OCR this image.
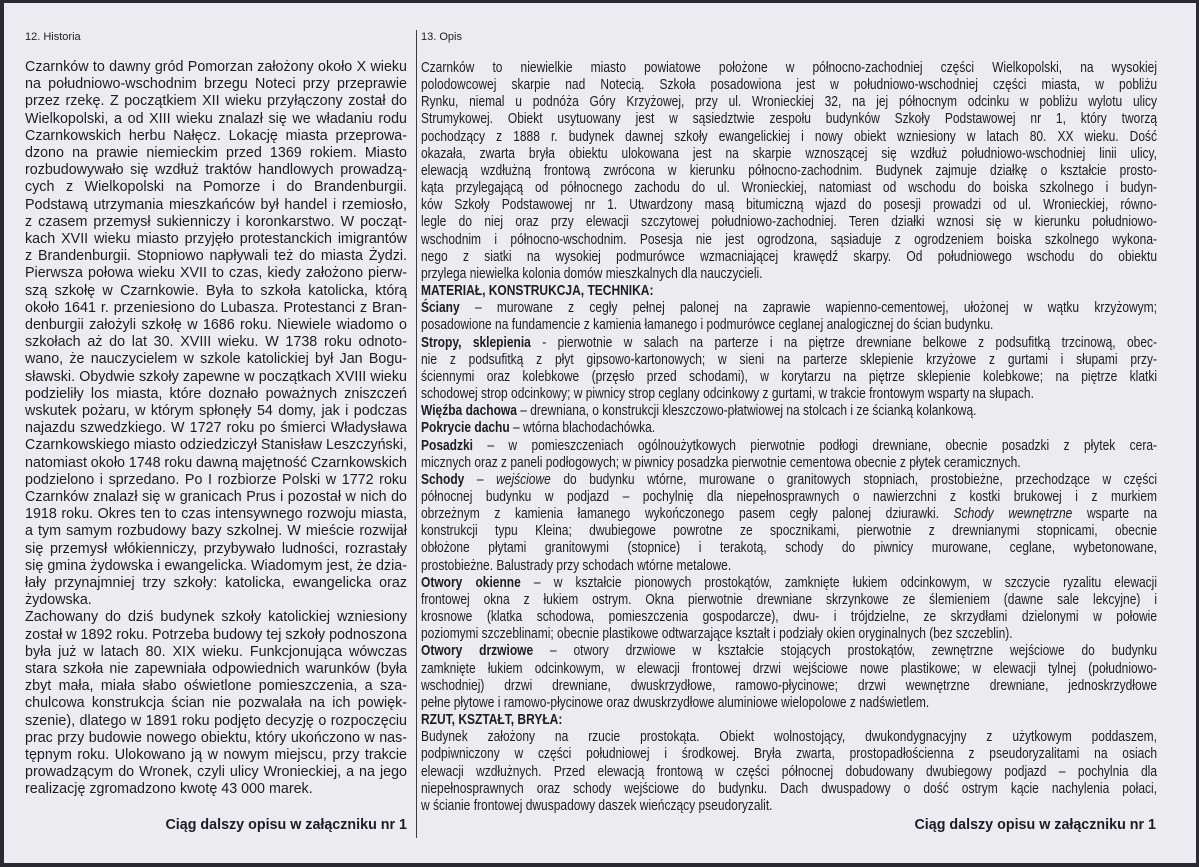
12. Historia	13. Opis
Czarnków to dawny gród Pomorzan założony około X wieku
na południowo-wschodnim brzegu Noteci przy przeprawie
przez rzekę. Z początkiem XII wieku przyłączony został do
Wielkopolski, a od XIII wieku znalazł się we władaniu rodu
Czarnkowskich herbu Nałęcz. Lokację miasta przeprowa-
dzono na prawie niemieckim przed 1369 rokiem. Miasto
rozbudowywało się wzdłuż traktów handlowych prowadzą-
cych z Wielkopolski na Pomorze i do Brandenburgii.
Podstawą utrzymania mieszkańców był handel i rzemiosło,
z czasem przemysł sukienniczy i koronkarstwo. W począt-
kach XVII wieku miasto przyjęło protestanckich imigrantów
z Brandenburgii. Stopniowo napływali też do miasta Żydzi.
Pierwsza połowa wieku XVII to czas, kiedy założono pierw-
szą szkołę w Czarnkowie. Była to szkoła katolicka, którą
około 1641 r. przeniesiono do Lubasza. Protestanci z Bran-
denburgii założyli szkołę w 1686 roku. Niewiele wiadomo o
szkołach aż do lat 30. XVIII wieku. W 1738 roku odnoto-
wano, że nauczycielem w szkole katolickiej był Jan Bogu-
sławski. Obydwie szkoły zapewne w początkach XVIII wieku
podzieliły los miasta, które doznało poważnych zniszczeń
wskutek pożaru, w którym spłonęły 54 domy, jak i podczas
najazdu szwedzkiego. W 1727 roku po śmierci Władysława
Czarnkowskiego miasto odziedziczył Stanisław Leszczyński,
natomiast około 1748 roku dawną majętność Czarnkowskich
podzielono i sprzedano. Po I rozbiorze Polski w 1772 roku
Czarnków znalazł się w granicach Prus i pozostał w nich do
1918 roku. Okres ten to czas intensywnego rozwoju miasta,
a tym samym rozbudowy bazy szkolnej. W mieście rozwijał
się przemysł włókienniczy, przybywało ludności, rozrastały
się gmina żydowska i ewangelicka. Wiadomym jest, że dzia-
łały przynajmniej trzy szkoły: katolicka, ewangelicka oraz
żydowska.
Zachowany do dziś budynek szkoły katolickiej wzniesiony
został w 1892 roku. Potrzeba budowy tej szkoły podnoszona
była już w latach 80. XIX wieku. Funkcjonująca wówczas
stara szkoła nie zapewniała odpowiednich warunków (była
zbyt mała, miała słabo oświetlone pomieszczenia, a sza-
chulcowa konstrukcja ścian nie pozwalała na ich powięk-
szenie), dlatego w 1891 roku podjęto decyzję o rozpoczęciu
prac przy budowie nowego obiektu, który ukończono w nas-
tępnym roku. Ulokowano ją w nowym miejscu, przy trakcie
prowadzącym do Wronek, czyli ulicy Wronieckiej, a na jego
realizację zgromadzono kwotę 43 000 marek.
Czarnków to niewielkie miasto powiatowe położone w północno-zachodniej części Wielkopolski, na wysokiej
polodowcowej skarpie nad Notecią. Szkoła posadowiona jest w południowo-wschodniej części miasta, w pobliżu
Rynku, niemal u podnóża Góry Krzyżowej, przy ul. Wronieckiej 32, na jej północnym odcinku w pobliżu wylotu ulicy
Strumykowej. Obiekt usytuowany jest w sąsiedztwie zespołu budynków Szkoły Podstawowej nr 1, który tworzą
pochodzący z 1888 r. budynek dawnej szkoły ewangelickiej i nowy obiekt wzniesiony w latach 80. XX wieku. Dość
okazała, zwarta bryła obiektu ulokowana jest na skarpie wznoszącej się wzdłuż południowo-wschodniej linii ulicy,
elewacją wzdłużną frontową zwrócona w kierunku północno-zachodnim. Budynek zajmuje działkę o kształcie prosto-
kąta przylegającą od północnego zachodu do ul. Wronieckiej, natomiast od wschodu do boiska szkolnego i budyn-
ków Szkoły Podstawowej nr 1. Utwardzony masą bitumiczną wjazd do posesji prowadzi od ul. Wronieckiej, równo-
legle do niej oraz przy elewacji szczytowej południowo-zachodniej. Teren działki wznosi się w kierunku południowo-
wschodnim i północno-wschodnim. Posesja nie jest ogrodzona, sąsiaduje z ogrodzeniem boiska szkolnego wykona-
nego z siatki na wysokiej podmurówce wzmacniającej krawędź skarpy. Od południowego wschodu do obiektu
przylega niewielka kolonia domów mieszkalnych dla nauczycieli.
MATERIAŁ, KONSTRUKCJA, TECHNIKA:
Ściany – murowane z cegły pełnej palonej na zaprawie wapienno-cementowej, ułożonej w wątku krzyżowym;
posadowione na fundamencie z kamienia łamanego i podmurówce ceglanej analogicznej do ścian budynku.
Stropy, sklepienia - pierwotnie w salach na parterze i na piętrze drewniane belkowe z podsufitką trzcinową, obec-
nie z podsufitką z płyt gipsowo-kartonowych; w sieni na parterze sklepienie krzyżowe z gurtami i słupami przy-
ściennymi oraz kolebkowe (przęsło przed schodami), w korytarzu na piętrze sklepienie kolebkowe; na piętrze klatki
schodowej strop odcinkowy; w piwnicy strop ceglany odcinkowy z gurtami, w trakcie frontowym wsparty na słupach.
Więźba dachowa – drewniana, o konstrukcji kleszczowo-płatwiowej na stolcach i ze ścianką kolankową.
Pokrycie dachu – wtórna blachodachówka.
Posadzki – w pomieszczeniach ogólnoużytkowych pierwotnie podłogi drewniane, obecnie posadzki z płytek cera-
micznych oraz z paneli podłogowych; w piwnicy posadzka pierwotnie cementowa obecnie z płytek ceramicznych.
Schody – wejściowe do budynku wtórne, murowane o granitowych stopniach, prostobieżne, przechodzące w części
północnej budynku w podjazd – pochylnię dla niepełnosprawnych o nawierzchni z kostki brukowej i z murkiem
obrzeżnym z kamienia łamanego wykończonego pasem cegły palonej dziurawki. Schody wewnętrzne wsparte na
konstrukcji typu Kleina; dwubiegowe powrotne ze spocznikami, pierwotnie z drewnianymi stopnicami, obecnie
obłożone płytami granitowymi (stopnice) i terakotą, schody do piwnicy murowane, ceglane, wybetonowane,
prostobieżne. Balustrady przy schodach wtórne metalowe.
Otwory okienne – w kształcie pionowych prostokątów, zamknięte łukiem odcinkowym, w szczycie ryzalitu elewacji
frontowej okna z łukiem ostrym. Okna pierwotnie drewniane skrzynkowe ze ślemieniem (dawne sale lekcyjne) i
krosnowe (klatka schodowa, pomieszczenia gospodarcze), dwu- i trójdzielne, ze skrzydłami dzielonymi w połowie
poziomymi szczeblinami; obecnie plastikowe odtwarzające kształt i podziały okien oryginalnych (bez szczeblin).
Otwory drzwiowe – otwory drzwiowe w kształcie stojących prostokątów, zewnętrzne wejściowe do budynku
zamknięte łukiem odcinkowym, w elewacji frontowej drzwi wejściowe nowe plastikowe; w elewacji tylnej (południowo-
wschodniej) drzwi drewniane, dwuskrzydłowe, ramowo-płycinowe; drzwi wewnętrzne drewniane, jednoskrzydłowe
pełne płytowe i ramowo-płycinowe oraz dwuskrzydłowe aluminiowe wielopolowe z nadświetlem.
RZUT, KSZTAŁT, BRYŁA:
Budynek założony na rzucie prostokąta. Obiekt wolnostojący, dwukondygnacyjny z użytkowym poddaszem,
podpiwniczony w części południowej i środkowej. Bryła zwarta, prostopadłościenna z pseudoryzalitami na osiach
elewacji wzdłużnych. Przed elewacją frontową w części północnej dobudowany dwubiegowy podjazd – pochylnia dla
niepełnosprawnych oraz schody wejściowe do budynku. Dach dwuspadowy o dość ostrym kącie nachylenia połaci,
w ścianie frontowej dwuspadowy daszek wieńczący pseudoryzalit.
Ciąg dalszy opisu w załączniku nr 1	Ciąg dalszy opisu w załączniku nr 1
